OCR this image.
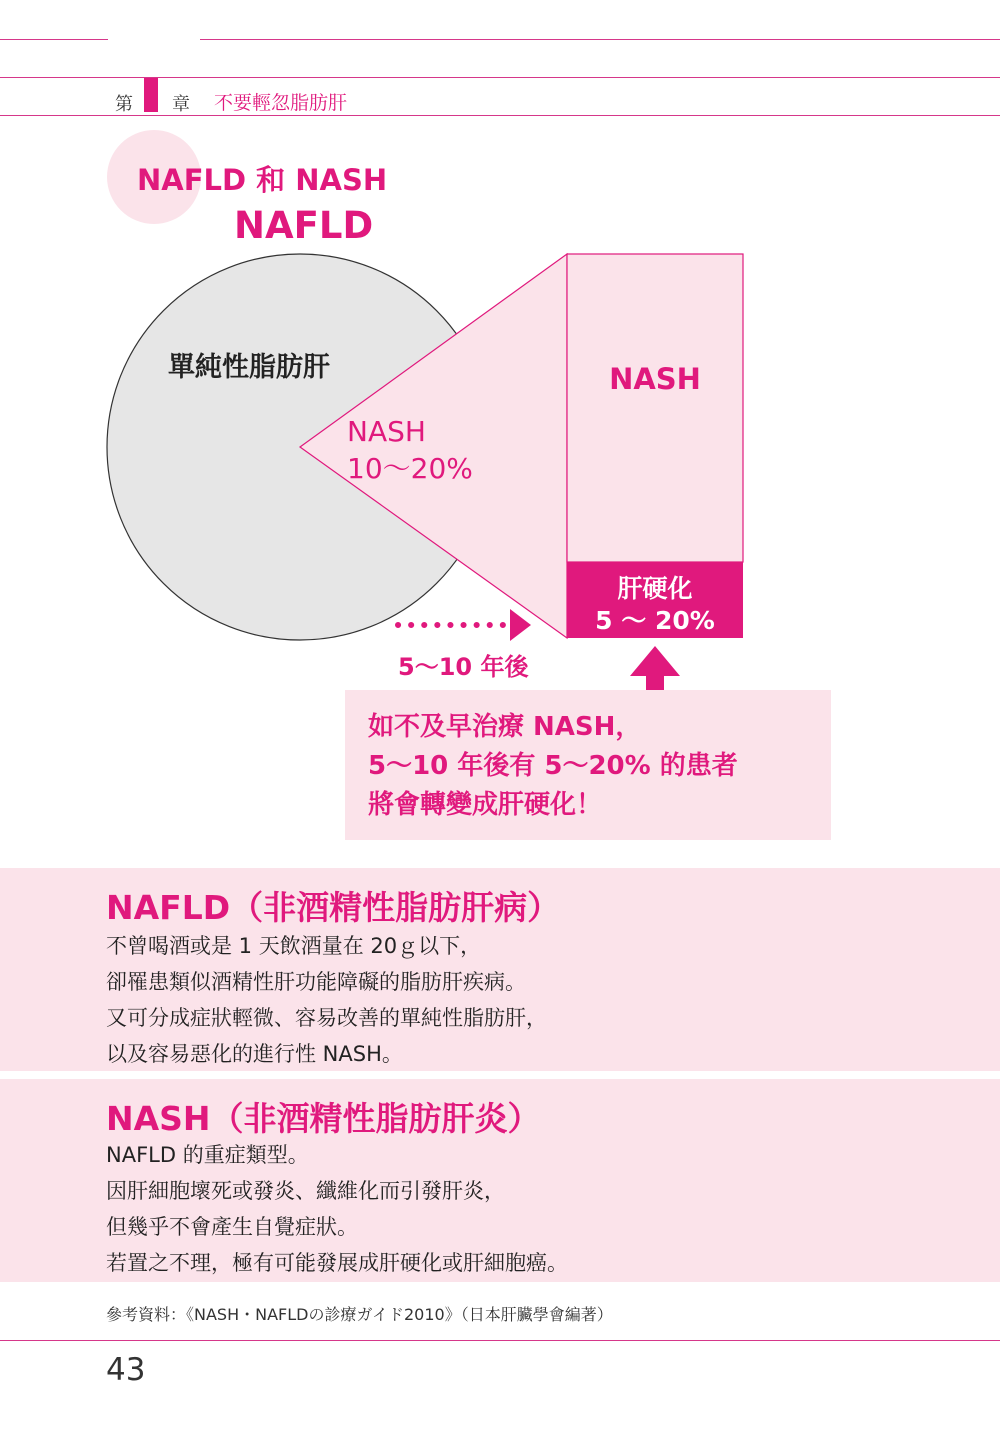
第 章 不要輕忽脂肪肝
NAFLD 和 NASH
NAFLD
單純性脂肪肝
NASH
10～20%
NASH
肝硬化
5 ～ 20%
5～10 年後
如不及早治療 NASH，
5～10 年後有 5～20% 的患者
將會轉變成肝硬化！
NAFLD（非酒精性脂肪肝病）
不曾喝酒或是 1 天飲酒量在 20ｇ以下，
卻罹患類似酒精性肝功能障礙的脂肪肝疾病。
又可分成症狀輕微、容易改善的單純性脂肪肝，
以及容易惡化的進行性 NASH。
NASH（非酒精性脂肪肝炎）
NAFLD 的重症類型。
因肝細胞壞死或發炎、纖維化而引發肝炎，
但幾乎不會產生自覺症狀。
若置之不理，極有可能發展成肝硬化或肝細胞癌。
參考資料：《NASH・NAFLDの診療ガイド2010》（日本肝臟學會編著）
43
